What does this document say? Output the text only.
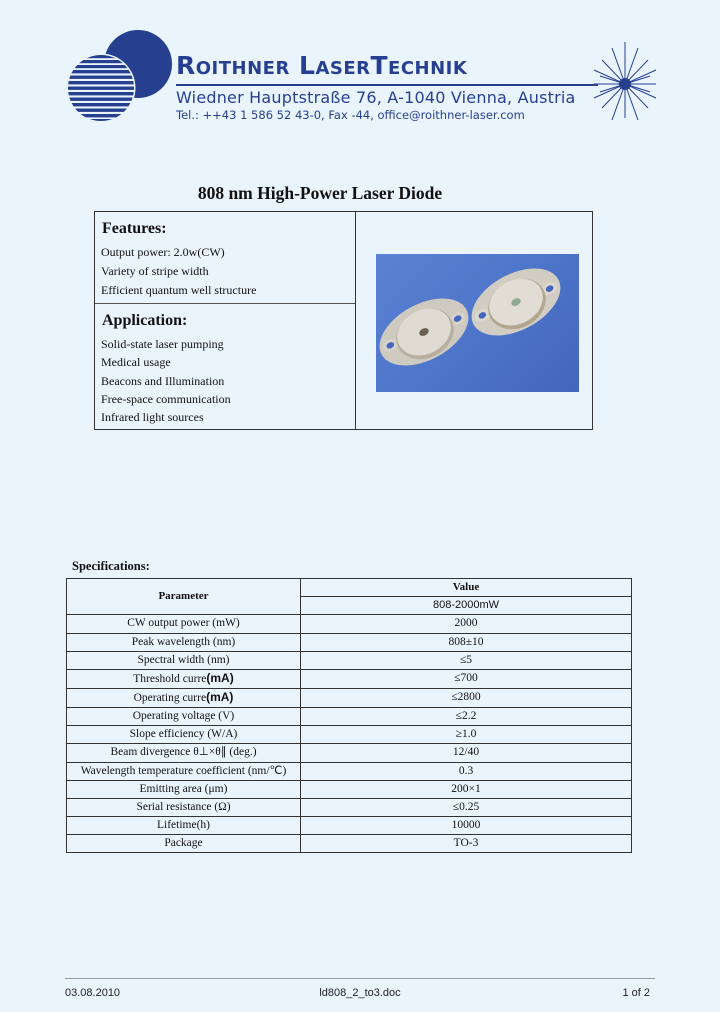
Roithner LaserTechnik
Wiedner Hauptstraße 76, A-1040 Vienna, Austria
Tel.: ++43 1 586 52 43-0, Fax -44, office@roithner-laser.com
808 nm High-Power Laser Diode
Features:
Output power: 2.0w(CW)
Variety of stripe width
Efficient quantum well structure
Application:
Solid-state laser pumping
Medical usage
Beacons and Illumination
Free-space communication
Infrared light sources
Specifications:
Parameter	Value
	808-2000mW
CW output power (mW)	2000
Peak wavelength (nm)	808±10
Spectral width (nm)	≤5
Threshold curre(mA)	≤700
Operating curre(mA)	≤2800
Operating voltage (V)	≤2.2
Slope efficiency (W/A)	≥1.0
Beam divergence θ⊥×θ∥ (deg.)	12/40
Wavelength temperature coefficient (nm/℃)	0.3
Emitting area (μm)	200×1
Serial resistance (Ω)	≤0.25
Lifetime(h)	10000
Package	TO-3
03.08.2010	ld808_2_to3.doc	1 of 2
